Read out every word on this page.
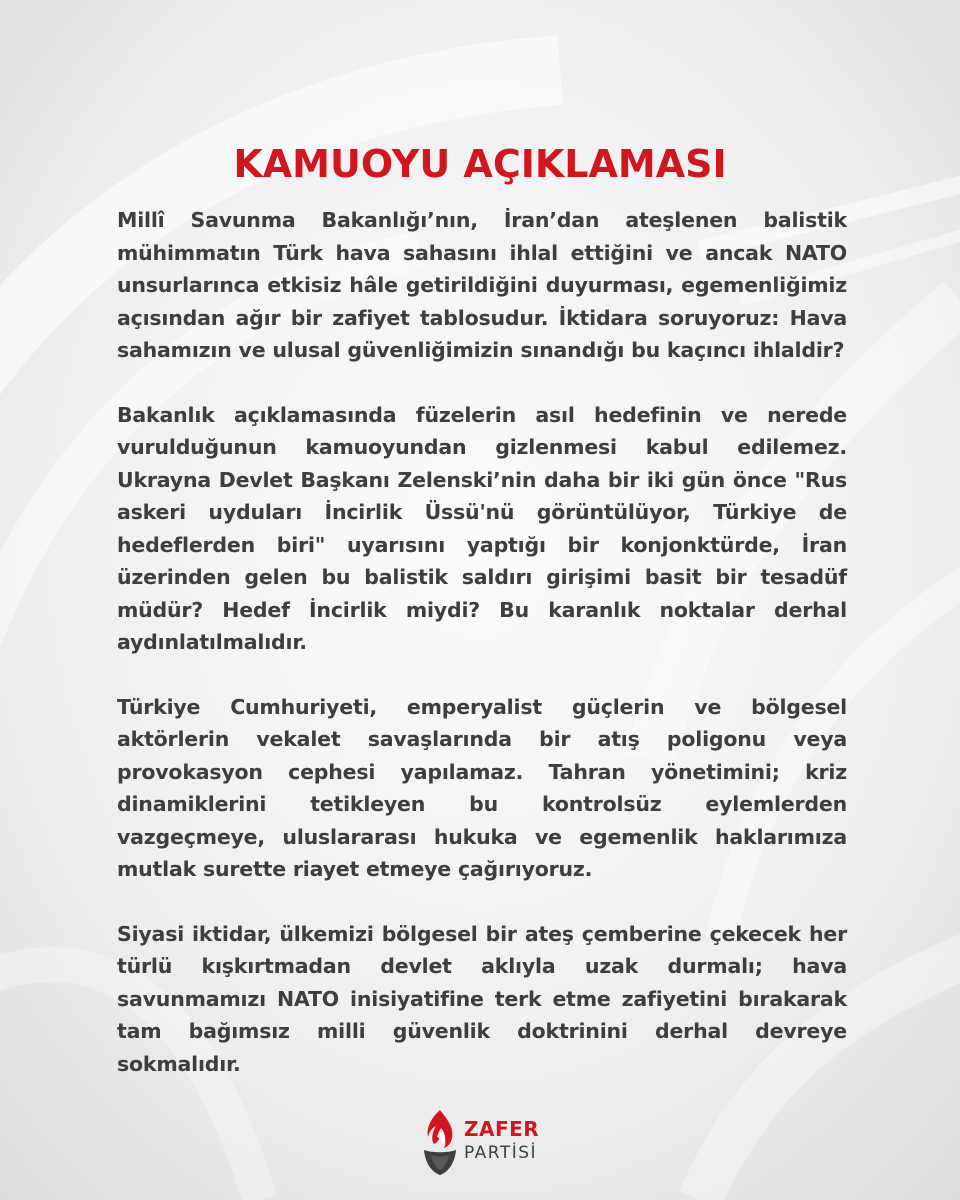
KAMUOYU AÇIKLAMASI

Millî Savunma Bakanlığı’nın, İran’dan ateşlenen balistik mühimmatın Türk hava sahasını ihlal ettiğini ve ancak NATO unsurlarınca etkisiz hâle getirildiğini duyurması, egemenliğimiz açısından ağır bir zafiyet tablosudur. İktidara soruyoruz: Hava sahamızın ve ulusal güvenliğimizin sınandığı bu kaçıncı ihlaldir?

Bakanlık açıklamasında füzelerin asıl hedefinin ve nerede vurulduğunun kamuoyundan gizlenmesi kabul edilemez. Ukrayna Devlet Başkanı Zelenski’nin daha bir iki gün önce "Rus askeri uyduları İncirlik Üssü'nü görüntülüyor, Türkiye de hedeflerden biri" uyarısını yaptığı bir konjonktürde, İran üzerinden gelen bu balistik saldırı girişimi basit bir tesadüf müdür? Hedef İncirlik miydi? Bu karanlık noktalar derhal aydınlatılmalıdır.

Türkiye Cumhuriyeti, emperyalist güçlerin ve bölgesel aktörlerin vekalet savaşlarında bir atış poligonu veya provokasyon cephesi yapılamaz. Tahran yönetimini; kriz dinamiklerini tetikleyen bu kontrolsüz eylemlerden vazgeçmeye, uluslararası hukuka ve egemenlik haklarımıza mutlak surette riayet etmeye çağırıyoruz.

Siyasi iktidar, ülkemizi bölgesel bir ateş çemberine çekecek her türlü kışkırtmadan devlet aklıyla uzak durmalı; hava savunmamızı NATO inisiyatifine terk etme zafiyetini bırakarak tam bağımsız milli güvenlik doktrinini derhal devreye sokmalıdır.

ZAFER
PARTİSİ
